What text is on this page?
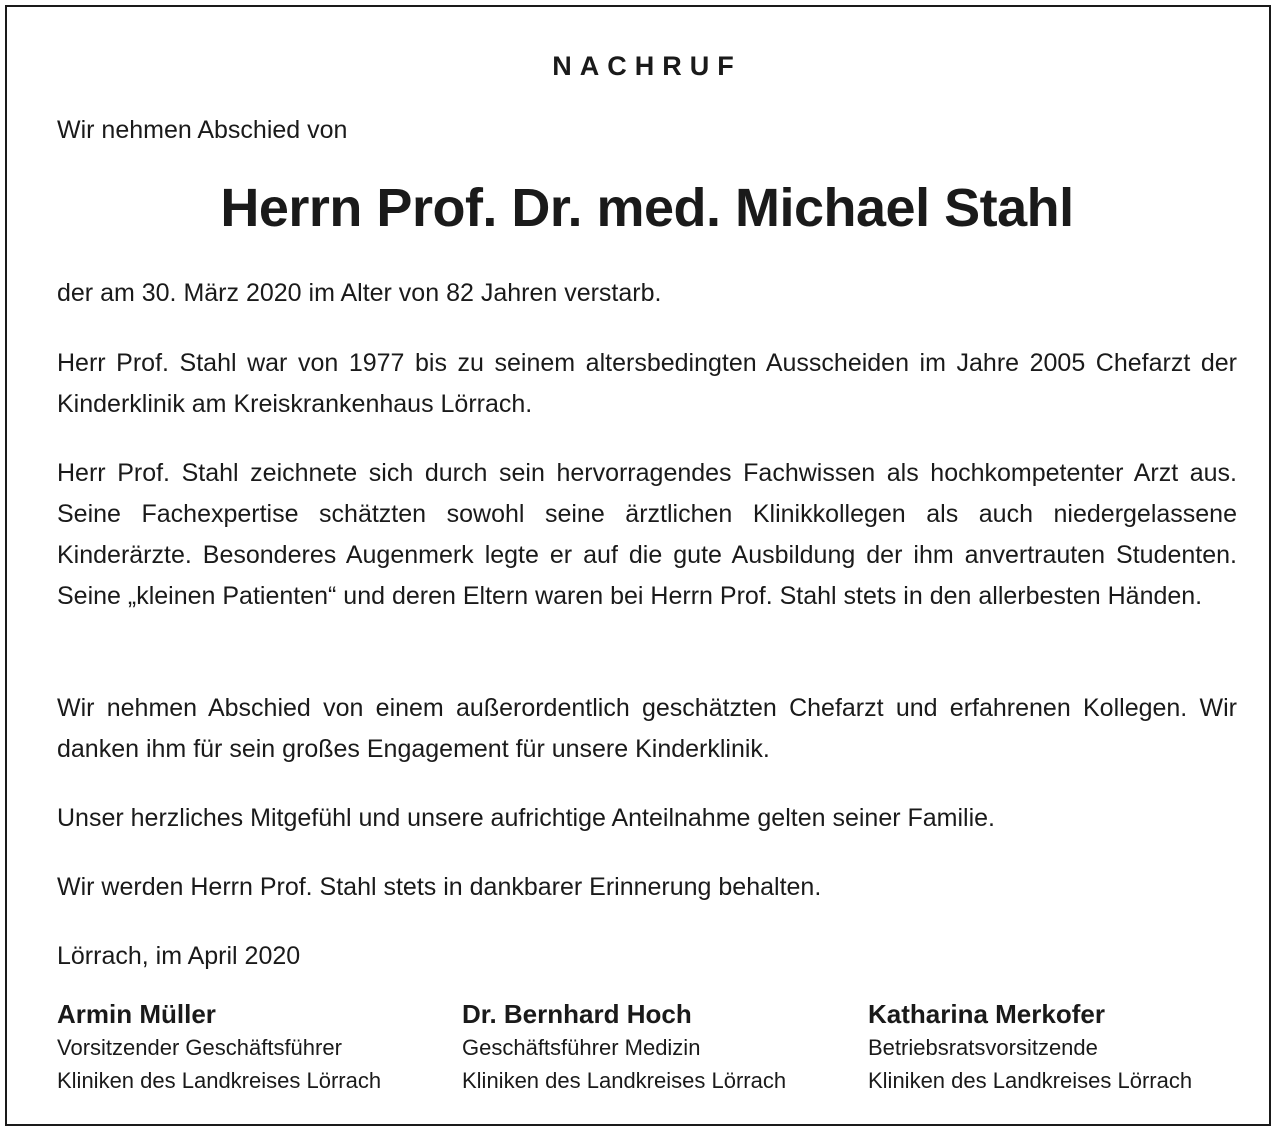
NACHRUF
Wir nehmen Abschied von
Herrn Prof. Dr. med. Michael Stahl
der am 30. März 2020 im Alter von 82 Jahren verstarb.
Herr Prof. Stahl war von 1977 bis zu seinem altersbedingten Ausscheiden im Jahre 2005 Chefarzt der Kinderklinik am Kreiskrankenhaus Lörrach.
Herr Prof. Stahl zeichnete sich durch sein hervorragendes Fachwissen als hochkompetenter Arzt aus. Seine Fachexpertise schätzten sowohl seine ärztlichen Klinikkollegen als auch niedergelassene Kinderärzte. Besonderes Augenmerk legte er auf die gute Ausbildung der ihm anvertrauten Studenten. Seine „kleinen Patienten“ und deren Eltern waren bei Herrn Prof. Stahl stets in den allerbesten Händen.
Wir nehmen Abschied von einem außerordentlich geschätzten Chefarzt und erfahrenen Kollegen. Wir danken ihm für sein großes Engagement für unsere Kinderklinik.
Unser herzliches Mitgefühl und unsere aufrichtige Anteilnahme gelten seiner Familie.
Wir werden Herrn Prof. Stahl stets in dankbarer Erinnerung behalten.
Lörrach, im April 2020
Armin Müller
Vorsitzender Geschäftsführer
Kliniken des Landkreises Lörrach
Dr. Bernhard Hoch
Geschäftsführer Medizin
Kliniken des Landkreises Lörrach
Katharina Merkofer
Betriebsratsvorsitzende
Kliniken des Landkreises Lörrach
